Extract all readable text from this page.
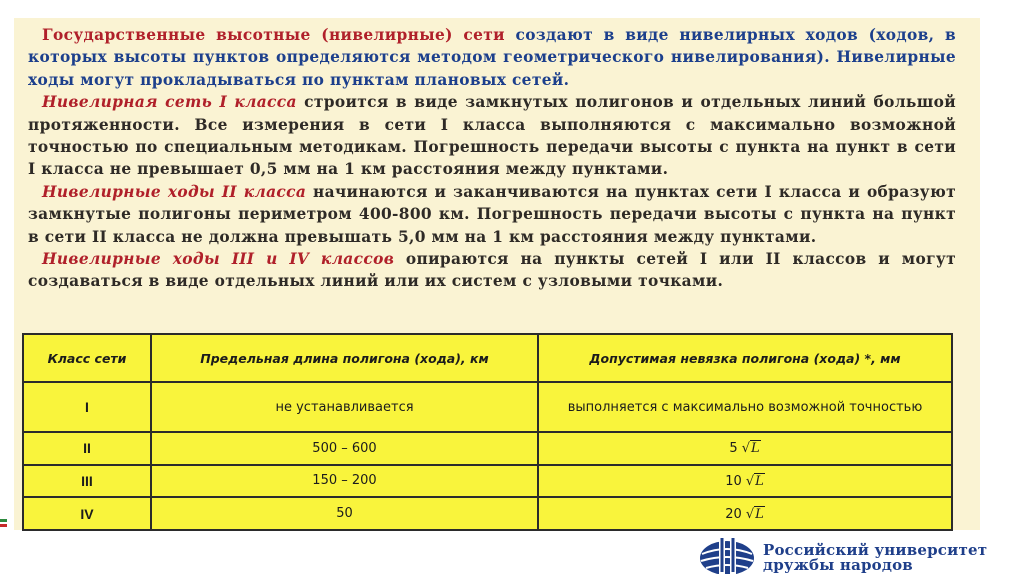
Государственные высотные (нивелирные) сети создают в виде нивелирных ходов (ходов, в которых высоты пунктов определяются методом геометрического нивелирования). Нивелирные ходы могут прокладываться по пунктам плановых сетей.

Нивелирная сеть I класса строится в виде замкнутых полигонов и отдельных линий большой протяженности. Все измерения в сети I класса выполняются с максимально возможной точностью по специальным методикам. Погрешность передачи высоты с пункта на пункт в сети I класса не превышает 0,5 мм на 1 км расстояния между пунктами.

Нивелирные ходы II класса начинаются и заканчиваются на пунктах сети I класса и образуют замкнутые полигоны периметром 400-800 км. Погрешность передачи высоты с пункта на пункт в сети II класса не должна превышать 5,0 мм на 1 км расстояния между пунктами.

Нивелирные ходы III и IV классов опираются на пункты сетей I или II классов и могут создаваться в виде отдельных линий или их систем с узловыми точками.

Класс сети	Предельная длина полигона (хода), км	Допустимая невязка полигона (хода) *, мм
I	не устанавливается	выполняется с максимально возможной точностью
II	500 – 600	5 √L
III	150 – 200	10 √L
IV	50	20 √L
Российский университет
дружбы народов
